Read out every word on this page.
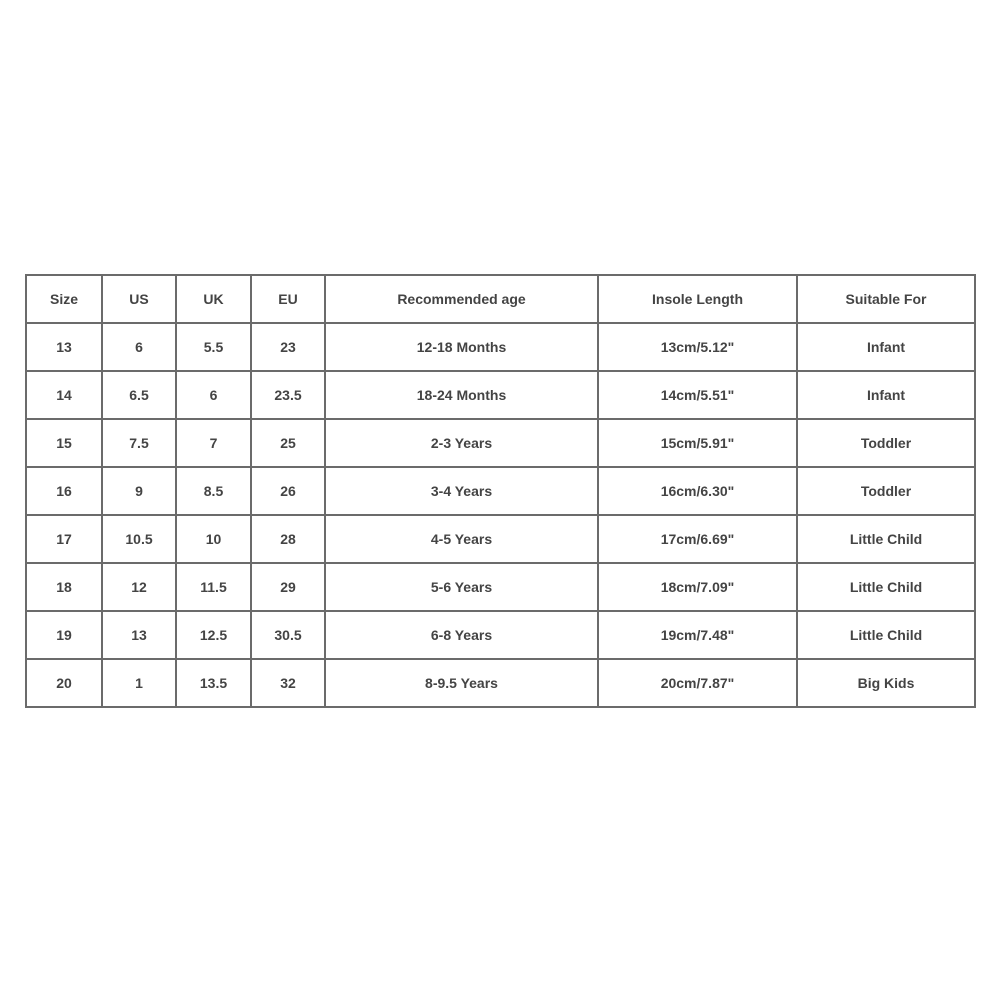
Size	US	UK	EU	Recommended age	Insole Length	Suitable For
13	6	5.5	23	12-18 Months	13cm/5.12"	Infant
14	6.5	6	23.5	18-24 Months	14cm/5.51"	Infant
15	7.5	7	25	2-3 Years	15cm/5.91"	Toddler
16	9	8.5	26	3-4 Years	16cm/6.30"	Toddler
17	10.5	10	28	4-5 Years	17cm/6.69"	Little Child
18	12	11.5	29	5-6 Years	18cm/7.09"	Little Child
19	13	12.5	30.5	6-8 Years	19cm/7.48"	Little Child
20	1	13.5	32	8-9.5 Years	20cm/7.87"	Big Kids
